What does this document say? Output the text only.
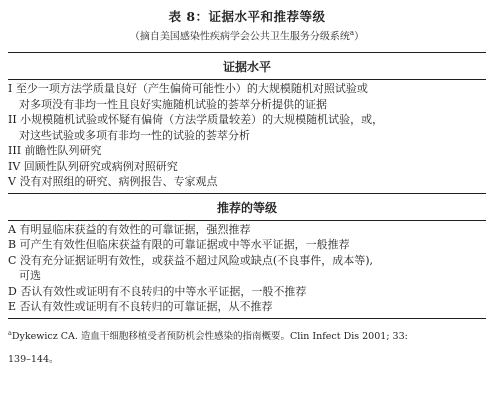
表 8：证据水平和推荐等级
（摘自美国感染性疾病学会公共卫生服务分级系统$^a$）
证据水平
I 至少一项方法学质量良好（产生偏倚可能性小）的大规模随机对照试验或
对多项没有非均一性且良好实施随机试验的荟萃分析提供的证据
II 小规模随机试验或怀疑有偏倚（方法学质量较差）的大规模随机试验，或，
对这些试验或多项有非均一性的试验的荟萃分析
III 前瞻性队列研究
IV 回顾性队列研究或病例对照研究
V 没有对照组的研究、病例报告、专家观点
推荐的等级
A 有明显临床获益的有效性的可靠证据，强烈推荐
B 可产生有效性但临床获益有限的可靠证据或中等水平证据，一般推荐
C 没有充分证据证明有效性，或获益不超过风险或缺点(不良事件，成本等),
可选
D 否认有效性或证明有不良转归的中等水平证据，一般不推荐
E 否认有效性或证明有不良转归的可靠证据，从不推荐
$^a$Dykewicz CA. 造血干细胞移植受者预防机会性感染的指南概要。Clin Infect Dis 2001; 33:
139–144。
